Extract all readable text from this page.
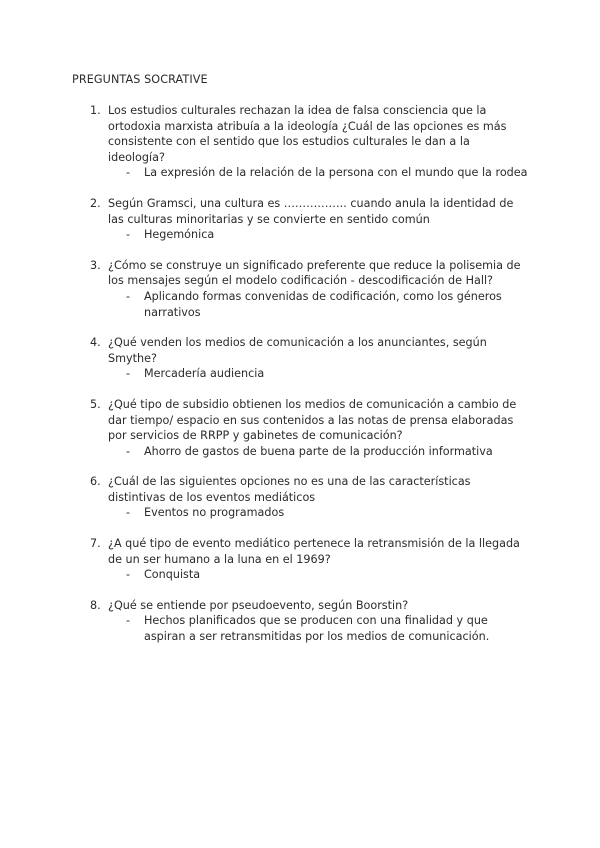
PREGUNTAS SOCRATIVE
1. Los estudios culturales rechazan la idea de falsa consciencia que la ortodoxia marxista atribuía a la ideología ¿Cuál de las opciones es más consistente con el sentido que los estudios culturales le dan a la ideología?
- La expresión de la relación de la persona con el mundo que la rodea
2. Según Gramsci, una cultura es …………….. cuando anula la identidad de las culturas minoritarias y se convierte en sentido común
- Hegemónica
3. ¿Cómo se construye un significado preferente que reduce la polisemia de los mensajes según el modelo codificación - descodificación de Hall?
- Aplicando formas convenidas de codificación, como los géneros narrativos
4. ¿Qué venden los medios de comunicación a los anunciantes, según Smythe?
- Mercadería audiencia
5. ¿Qué tipo de subsidio obtienen los medios de comunicación a cambio de dar tiempo/ espacio en sus contenidos a las notas de prensa elaboradas por servicios de RRPP y gabinetes de comunicación?
- Ahorro de gastos de buena parte de la producción informativa
6. ¿Cuál de las siguientes opciones no es una de las características distintivas de los eventos mediáticos
- Eventos no programados
7. ¿A qué tipo de evento mediático pertenece la retransmisión de la llegada de un ser humano a la luna en el 1969?
- Conquista
8. ¿Qué se entiende por pseudoevento, según Boorstin?
- Hechos planificados que se producen con una finalidad y que aspiran a ser retransmitidas por los medios de comunicación.
